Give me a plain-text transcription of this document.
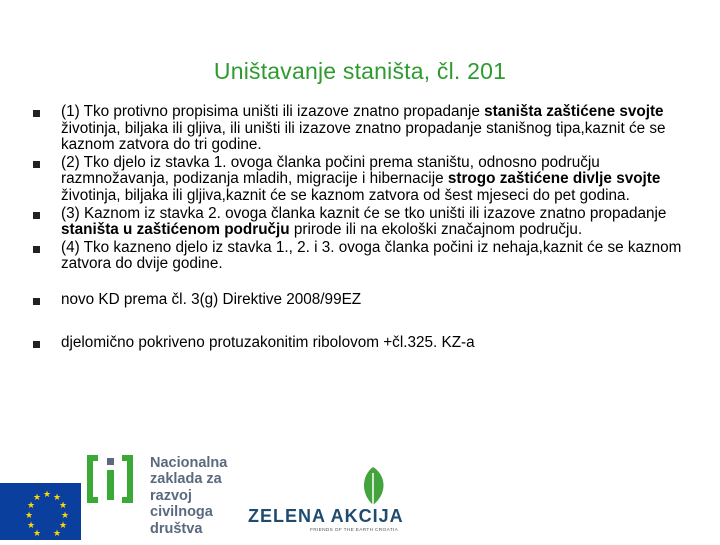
Uništavanje staništa, čl. 201
(1) Tko protivno propisima uništi ili izazove znatno propadanje staništa zaštićene svojte životinja, biljaka ili gljiva, ili uništi ili izazove znatno propadanje stanišnog tipa,kaznit će se kaznom zatvora do tri godine.
(2) Tko djelo iz stavka 1. ovoga članka počini prema staništu, odnosno području razmnožavanja, podizanja mladih, migracije i hibernacije strogo zaštićene divlje svojte životinja, biljaka ili gljiva,kaznit će se kaznom zatvora od šest mjeseci do pet godina.
(3) Kaznom iz stavka 2. ovoga članka kaznit će se tko uništi ili izazove znatno propadanje staništa u zaštićenom području prirode ili na ekološki značajnom području.
(4) Tko kazneno djelo iz stavka 1., 2. i 3. ovoga članka počini iz nehaja,kaznit će se kaznom zatvora do dvije godine.
novo KD prema čl. 3(g) Direktive 2008/99EZ
djelomično pokriveno protuzakonitim ribolovom +čl.325. KZ-a
★ ★
★
★
★
★
★
★
★
★
★
Nacionalna
zaklada za
razvoj
civilnoga
društva
ZELENA AKCIJA
FRIENDS OF THE EARTH CROATIA
